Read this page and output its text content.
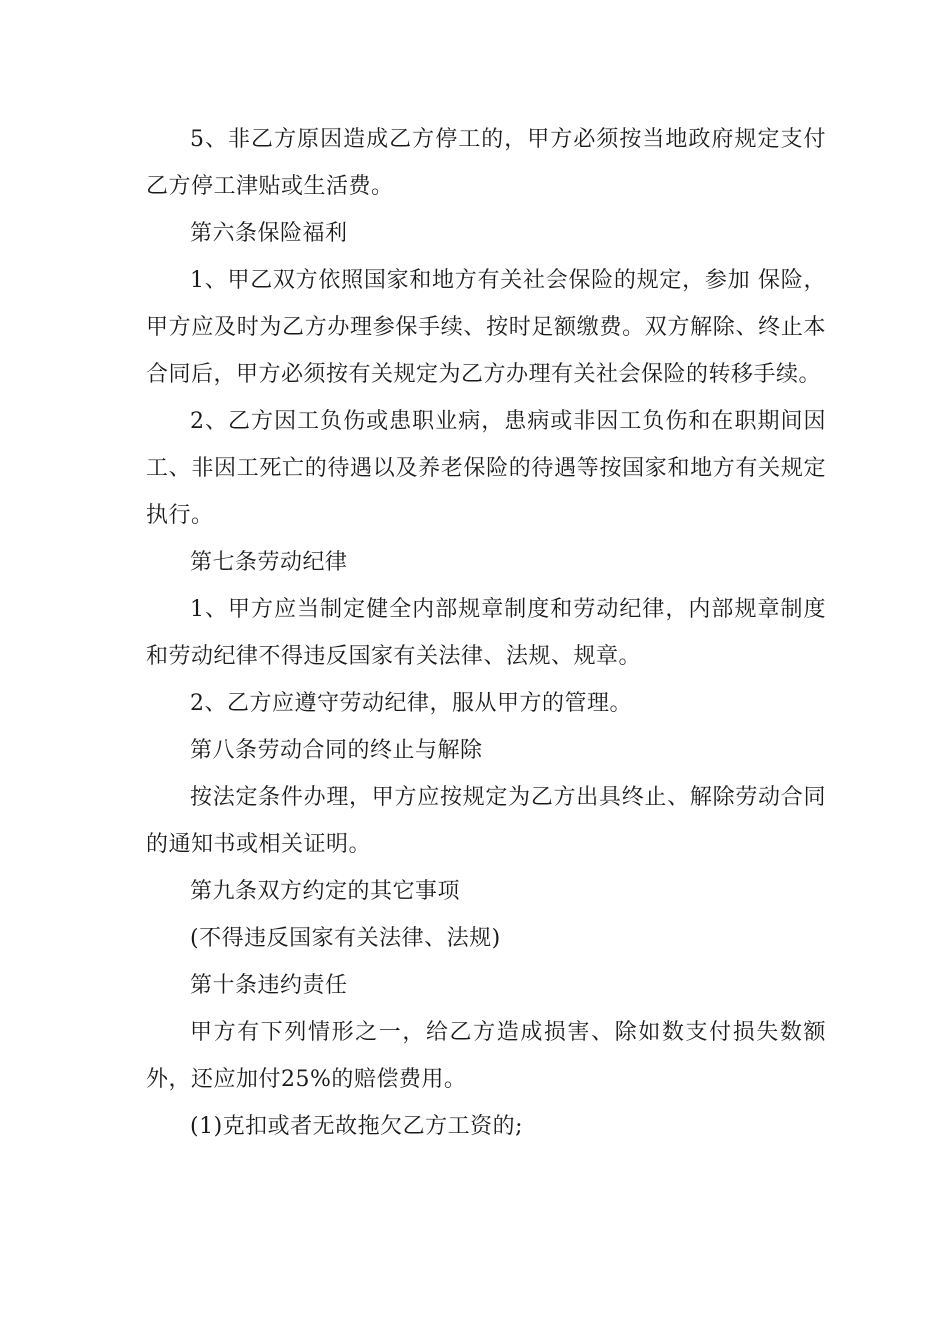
5、非乙方原因造成乙方停工的，甲方必须按当地政府规定支付乙方停工津贴或生活费。

第六条保险福利

1、甲乙双方依照国家和地方有关社会保险的规定，参加 保险，甲方应及时为乙方办理参保手续、按时足额缴费。双方解除、终止本合同后，甲方必须按有关规定为乙方办理有关社会保险的转移手续。

2、乙方因工负伤或患职业病，患病或非因工负伤和在职期间因工、非因工死亡的待遇以及养老保险的待遇等按国家和地方有关规定执行。

第七条劳动纪律

1、甲方应当制定健全内部规章制度和劳动纪律，内部规章制度和劳动纪律不得违反国家有关法律、法规、规章。

2、乙方应遵守劳动纪律，服从甲方的管理。

第八条劳动合同的终止与解除

按法定条件办理，甲方应按规定为乙方出具终止、解除劳动合同的通知书或相关证明。

第九条双方约定的其它事项

(不得违反国家有关法律、法规)

第十条违约责任

甲方有下列情形之一，给乙方造成损害、除如数支付损失数额外，还应加付25%的赔偿费用。

(1)克扣或者无故拖欠乙方工资的;
